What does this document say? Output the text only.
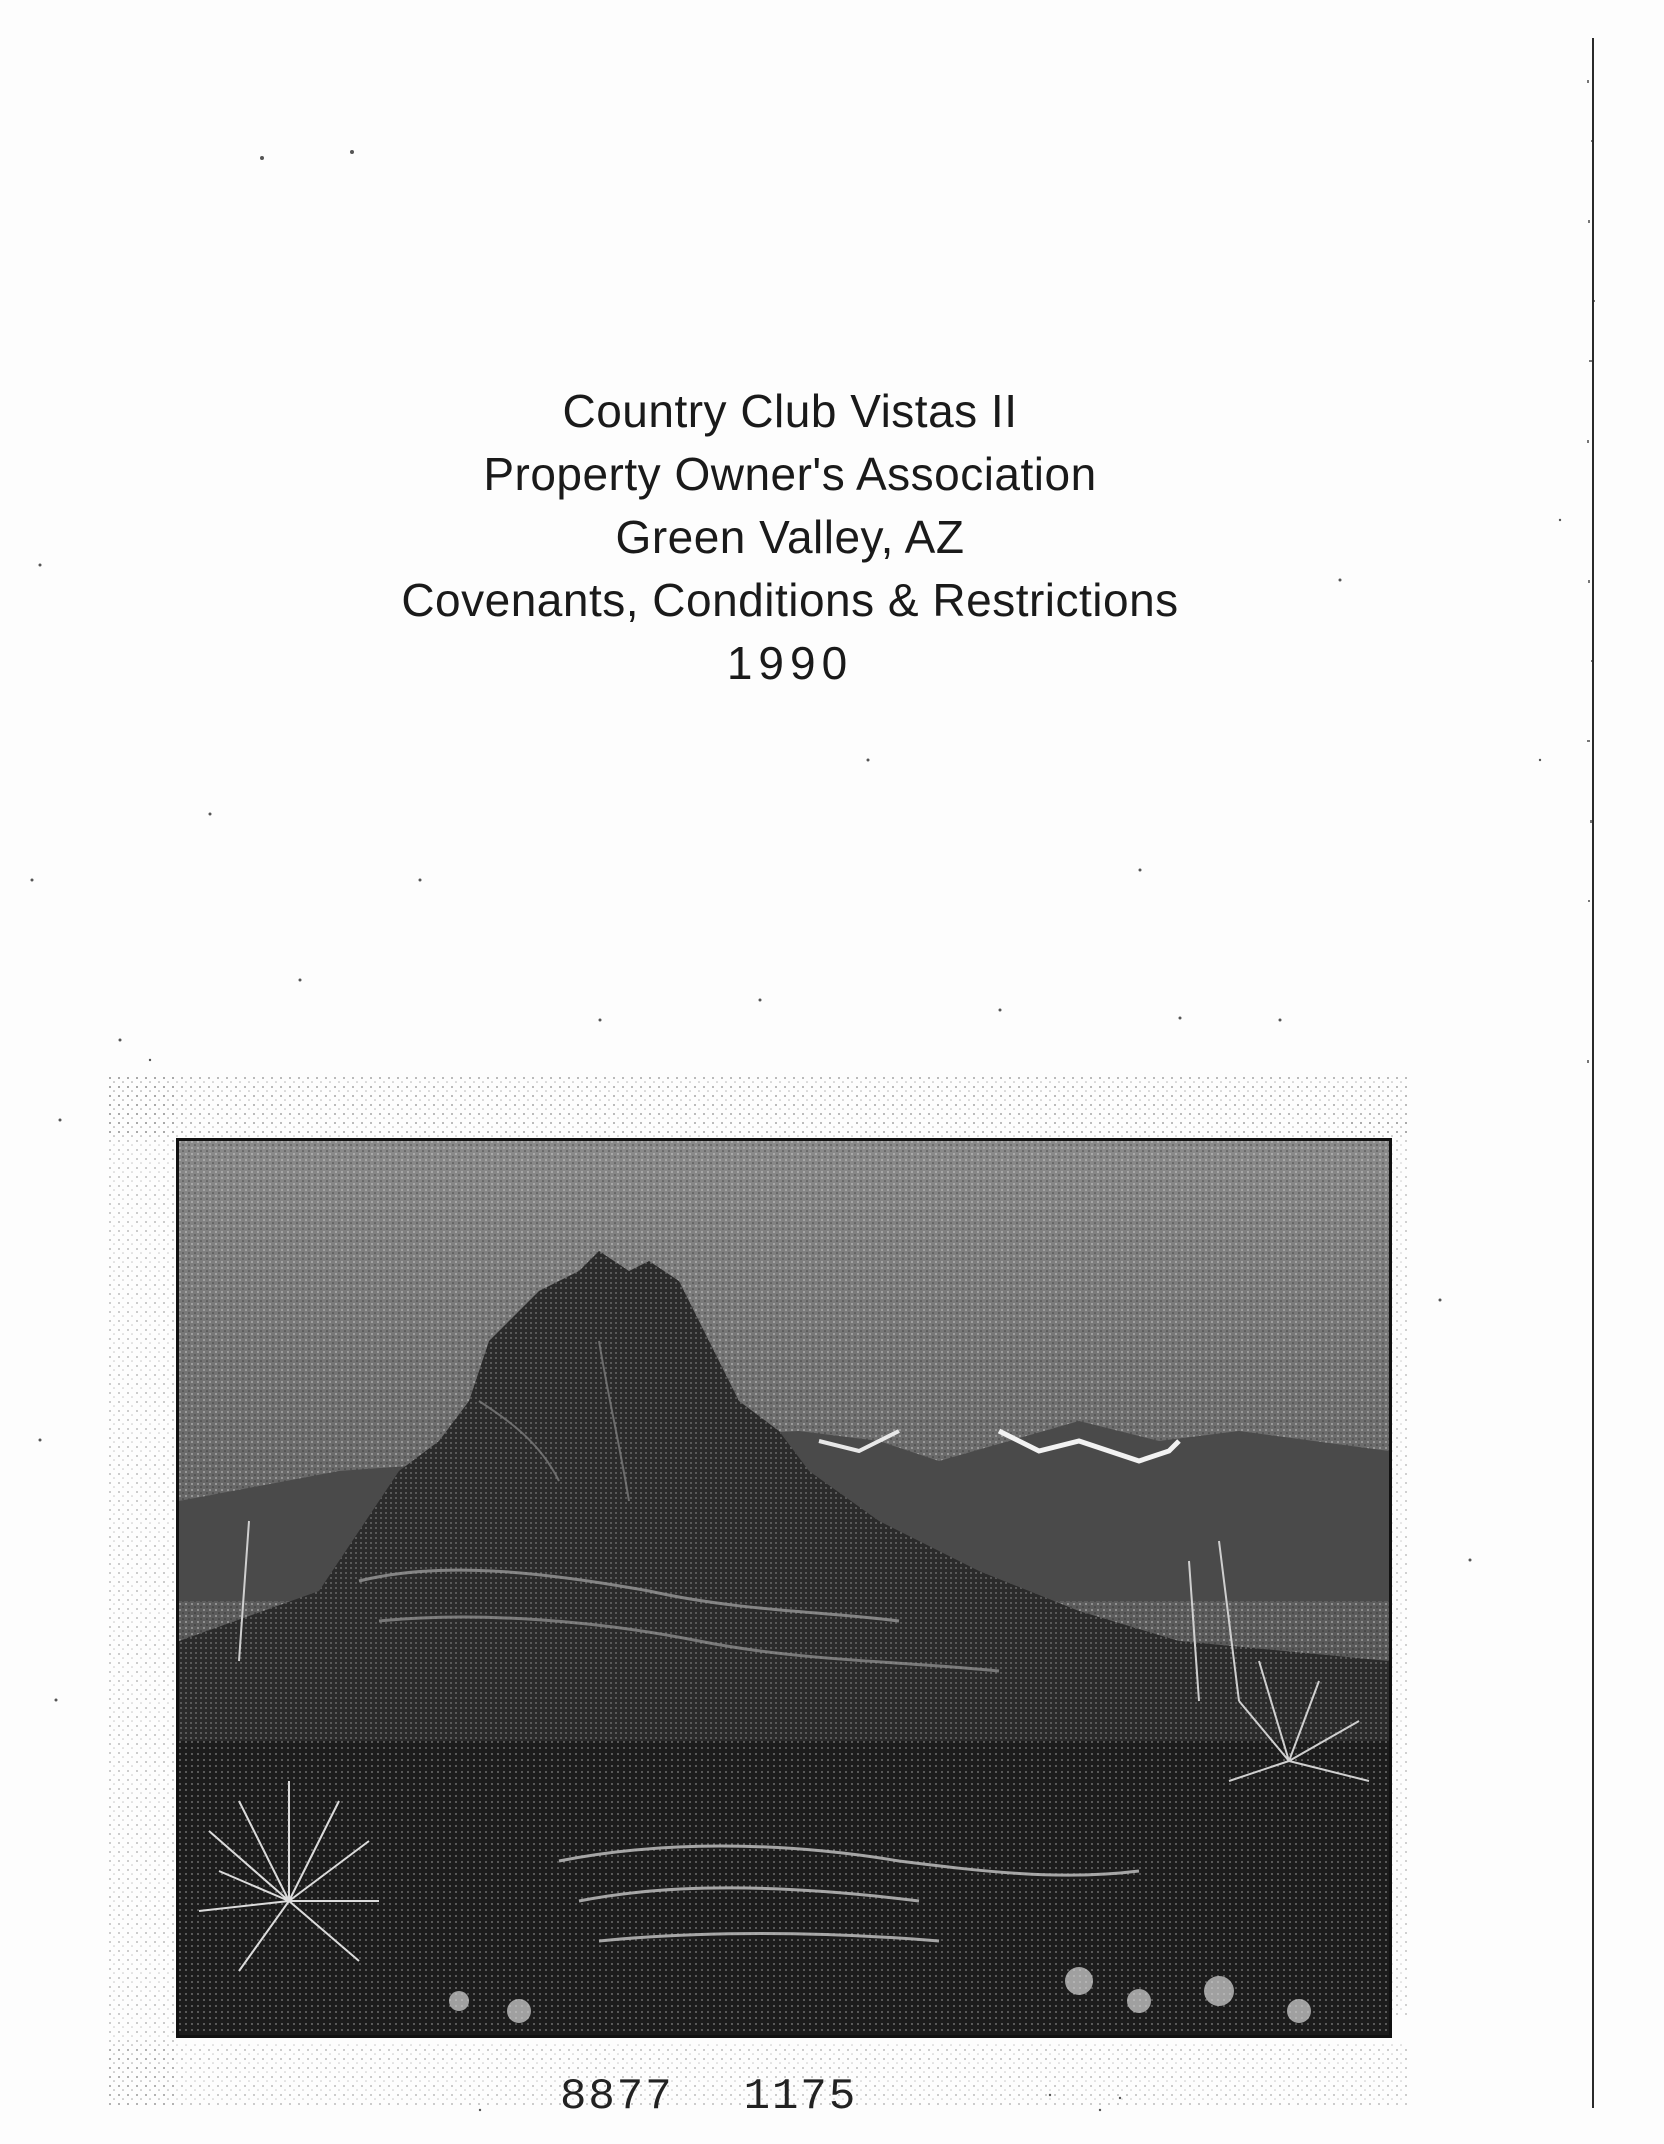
Country Club Vistas II
Property Owner's Association
Green Valley, AZ
Covenants, Conditions & Restrictions
1990
8877 1175
